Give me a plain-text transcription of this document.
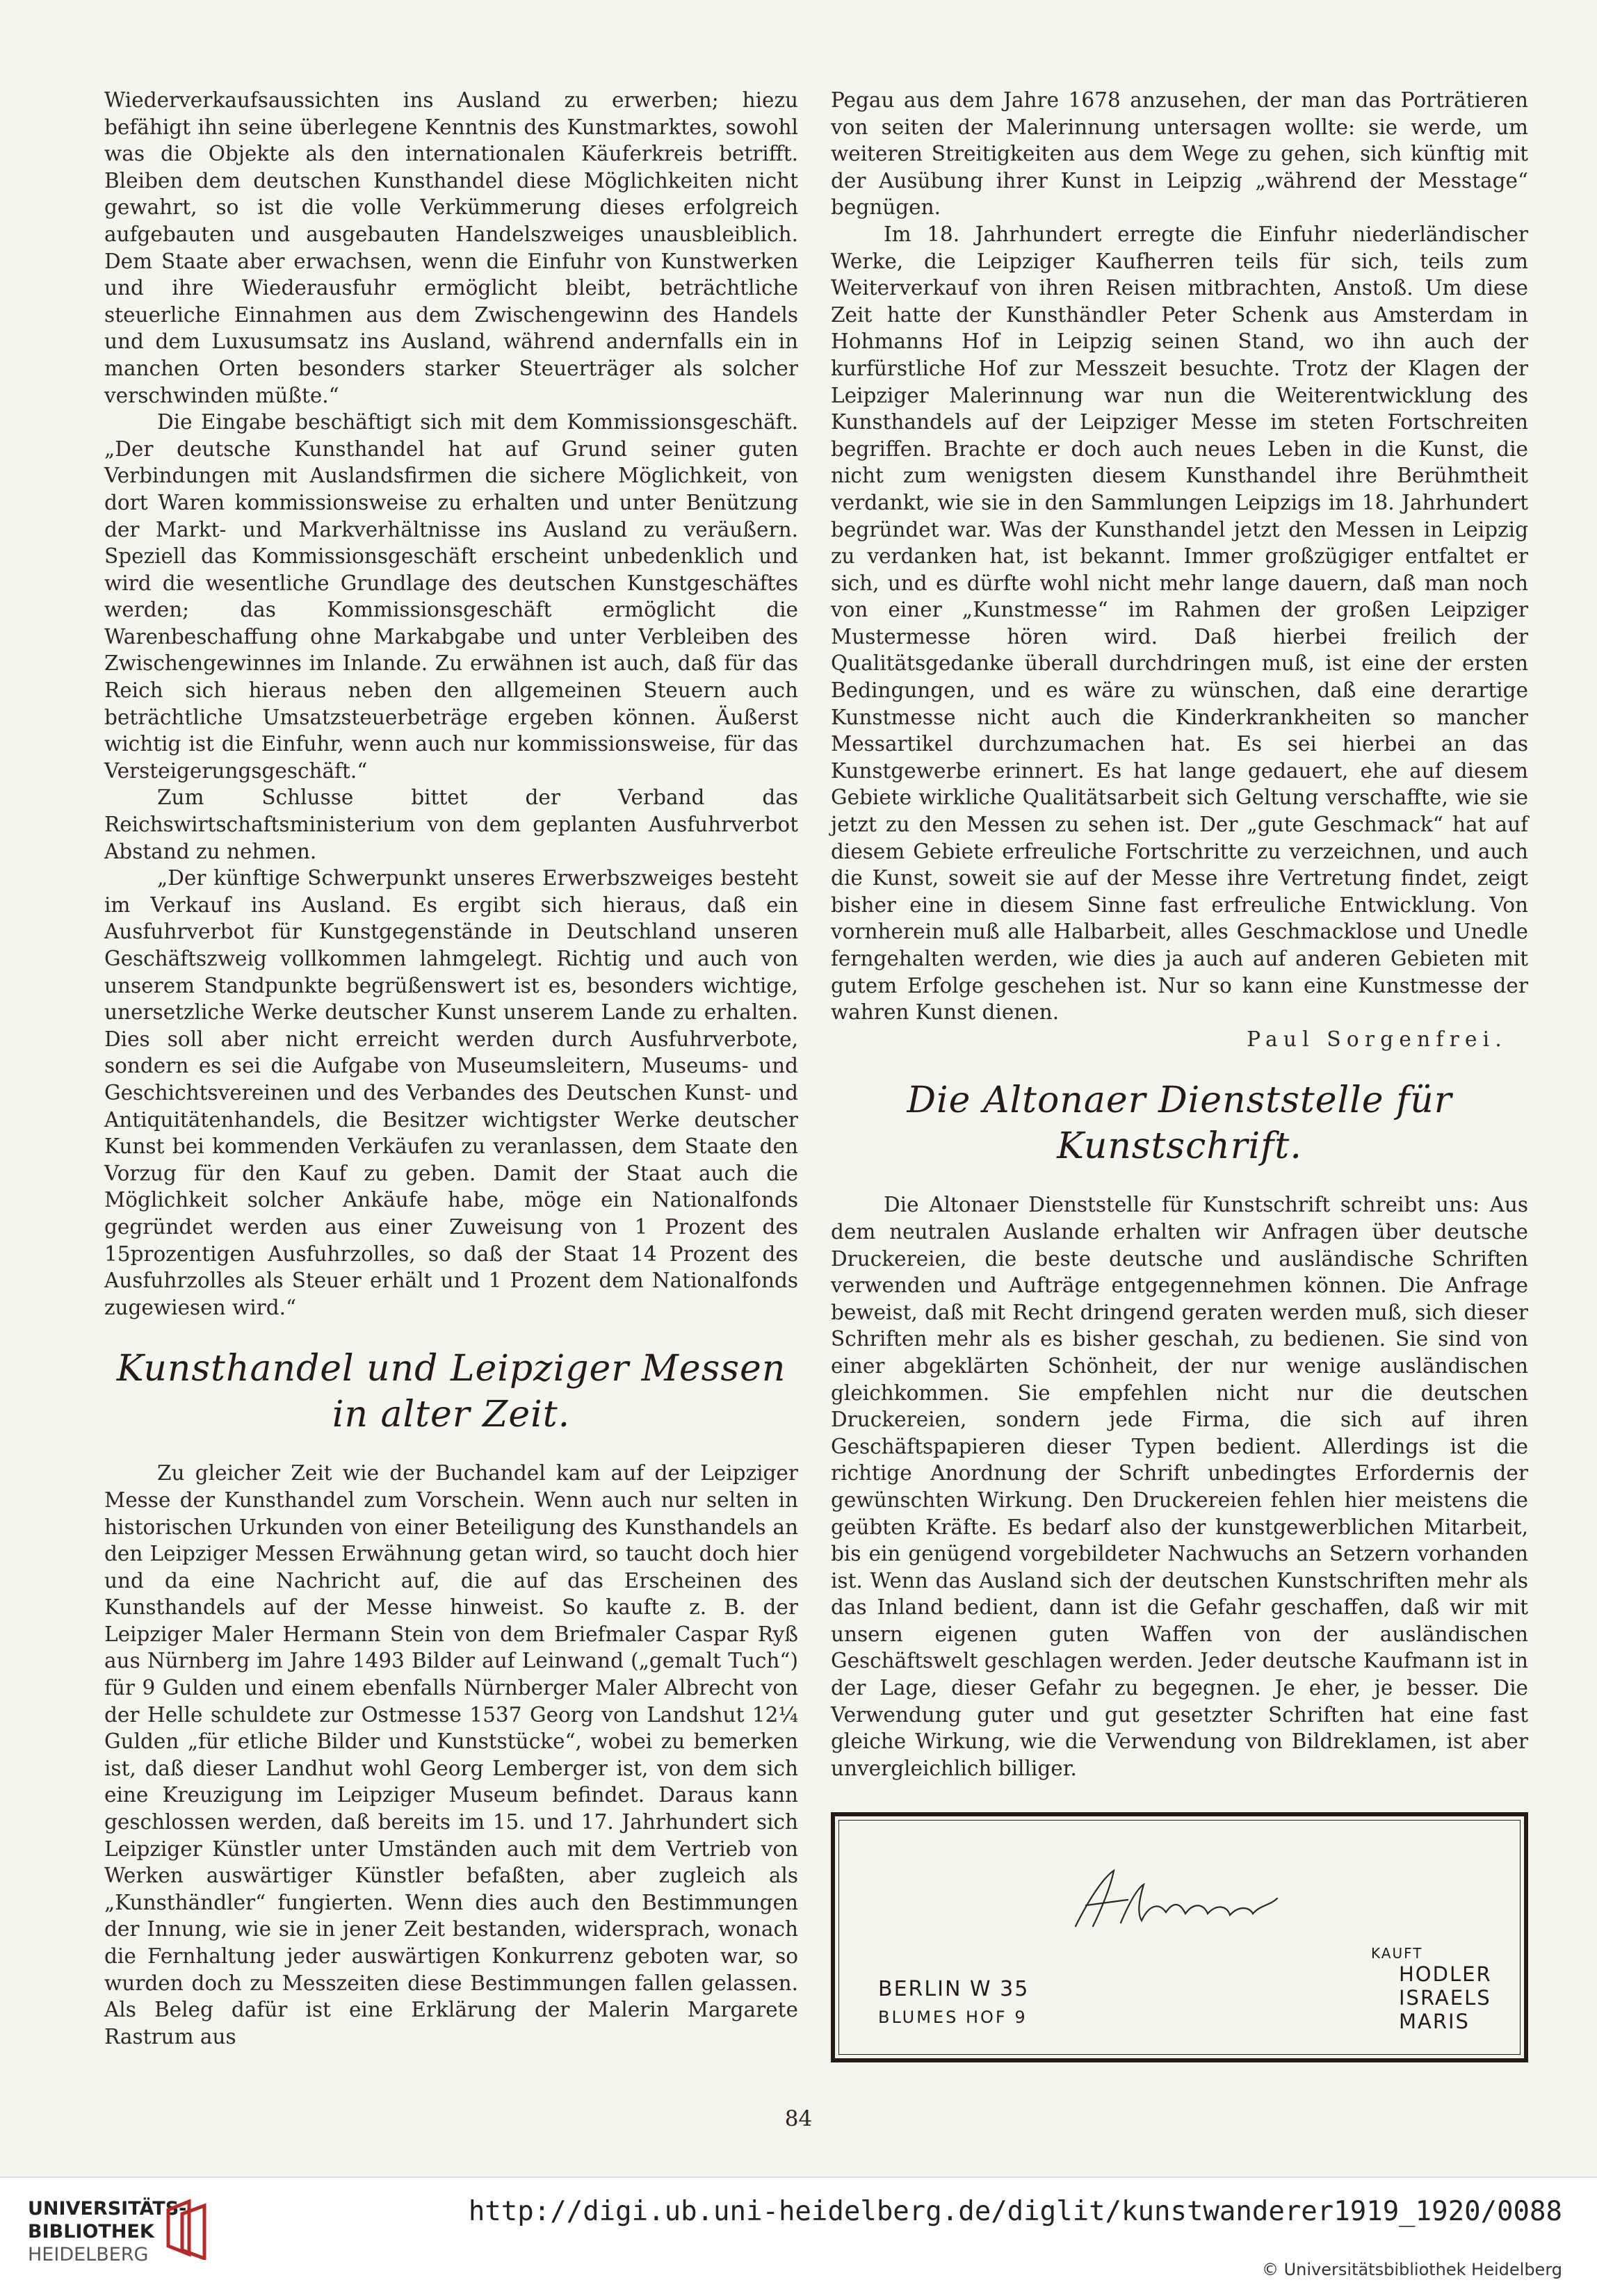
Wiederverkaufsaussichten ins Ausland zu erwerben; hiezu befähigt ihn seine überlegene Kenntnis des Kunstmarktes, sowohl was die Objekte als den internationalen Käuferkreis betrifft. Bleiben dem deutschen Kunsthandel diese Möglichkeiten nicht gewahrt, so ist die volle Verkümmerung dieses erfolgreich aufgebauten und ausgebauten Handelszweiges unausbleiblich. Dem Staate aber erwachsen, wenn die Einfuhr von Kunstwerken und ihre Wiederausfuhr ermöglicht bleibt, beträchtliche steuerliche Einnahmen aus dem Zwischengewinn des Handels und dem Luxusumsatz ins Ausland, während andernfalls ein in manchen Orten besonders starker Steuerträger als solcher verschwinden müßte.“

Die Eingabe beschäftigt sich mit dem Kommissionsgeschäft. „Der deutsche Kunsthandel hat auf Grund seiner guten Verbindungen mit Auslandsfirmen die sichere Möglichkeit, von dort Waren kommissionsweise zu erhalten und unter Benützung der Markt- und Markverhältnisse ins Ausland zu veräußern. Speziell das Kommissionsgeschäft erscheint unbedenklich und wird die wesentliche Grundlage des deutschen Kunstgeschäftes werden; das Kommissionsgeschäft ermöglicht die Warenbeschaffung ohne Markabgabe und unter Verbleiben des Zwischengewinnes im Inlande. Zu erwähnen ist auch, daß für das Reich sich hieraus neben den allgemeinen Steuern auch beträchtliche Umsatzsteuerbeträge ergeben können. Äußerst wichtig ist die Einfuhr, wenn auch nur kommissionsweise, für das Versteigerungsgeschäft.“

Zum Schlusse bittet der Verband das Reichswirtschaftsministerium von dem geplanten Ausfuhrverbot Abstand zu nehmen.

„Der künftige Schwerpunkt unseres Erwerbszweiges besteht im Verkauf ins Ausland. Es ergibt sich hieraus, daß ein Ausfuhrverbot für Kunstgegenstände in Deutschland unseren Geschäftszweig vollkommen lahmgelegt. Richtig und auch von unserem Standpunkte begrüßenswert ist es, besonders wichtige, unersetzliche Werke deutscher Kunst unserem Lande zu erhalten. Dies soll aber nicht erreicht werden durch Ausfuhrverbote, sondern es sei die Aufgabe von Museumsleitern, Museums- und Geschichtsvereinen und des Verbandes des Deutschen Kunst- und Antiquitätenhandels, die Besitzer wichtigster Werke deutscher Kunst bei kommenden Verkäufen zu veranlassen, dem Staate den Vorzug für den Kauf zu geben. Damit der Staat auch die Möglichkeit solcher Ankäufe habe, möge ein Nationalfonds gegründet werden aus einer Zuweisung von 1 Prozent des 15prozentigen Ausfuhrzolles, so daß der Staat 14 Prozent des Ausfuhrzolles als Steuer erhält und 1 Prozent dem Nationalfonds zugewiesen wird.“

Kunsthandel und Leipziger Messen in alter Zeit.

Zu gleicher Zeit wie der Buchandel kam auf der Leipziger Messe der Kunsthandel zum Vorschein. Wenn auch nur selten in historischen Urkunden von einer Beteiligung des Kunsthandels an den Leipziger Messen Erwähnung getan wird, so taucht doch hier und da eine Nachricht auf, die auf das Erscheinen des Kunsthandels auf der Messe hinweist. So kaufte z. B. der Leipziger Maler Hermann Stein von dem Briefmaler Caspar Ryß aus Nürnberg im Jahre 1493 Bilder auf Leinwand („gemalt Tuch“) für 9 Gulden und einem ebenfalls Nürnberger Maler Albrecht von der Helle schuldete zur Ostmesse 1537 Georg von Landshut 12¼ Gulden „für etliche Bilder und Kunststücke“, wobei zu bemerken ist, daß dieser Landhut wohl Georg Lemberger ist, von dem sich eine Kreuzigung im Leipziger Museum befindet. Daraus kann geschlossen werden, daß bereits im 15. und 17. Jahrhundert sich Leipziger Künstler unter Umständen auch mit dem Vertrieb von Werken auswärtiger Künstler befaßten, aber zugleich als „Kunsthändler“ fungierten. Wenn dies auch den Bestimmungen der Innung, wie sie in jener Zeit bestanden, widersprach, wonach die Fernhaltung jeder auswärtigen Konkurrenz geboten war, so wurden doch zu Messzeiten diese Bestimmungen fallen gelassen. Als Beleg dafür ist eine Erklärung der Malerin Margarete Rastrum aus

Pegau aus dem Jahre 1678 anzusehen, der man das Porträtieren von seiten der Malerinnung untersagen wollte: sie werde, um weiteren Streitigkeiten aus dem Wege zu gehen, sich künftig mit der Ausübung ihrer Kunst in Leipzig „während der Messtage“ begnügen.

Im 18. Jahrhundert erregte die Einfuhr niederländischer Werke, die Leipziger Kaufherren teils für sich, teils zum Weiterverkauf von ihren Reisen mitbrachten, Anstoß. Um diese Zeit hatte der Kunsthändler Peter Schenk aus Amsterdam in Hohmanns Hof in Leipzig seinen Stand, wo ihn auch der kurfürstliche Hof zur Messzeit besuchte. Trotz der Klagen der Leipziger Malerinnung war nun die Weiterentwicklung des Kunsthandels auf der Leipziger Messe im steten Fortschreiten begriffen. Brachte er doch auch neues Leben in die Kunst, die nicht zum wenigsten diesem Kunsthandel ihre Berühmtheit verdankt, wie sie in den Sammlungen Leipzigs im 18. Jahrhundert begründet war. Was der Kunsthandel jetzt den Messen in Leipzig zu verdanken hat, ist bekannt. Immer großzügiger entfaltet er sich, und es dürfte wohl nicht mehr lange dauern, daß man noch von einer „Kunstmesse“ im Rahmen der großen Leipziger Mustermesse hören wird. Daß hierbei freilich der Qualitätsgedanke überall durchdringen muß, ist eine der ersten Bedingungen, und es wäre zu wünschen, daß eine derartige Kunstmesse nicht auch die Kinderkrankheiten so mancher Messartikel durchzumachen hat. Es sei hierbei an das Kunstgewerbe erinnert. Es hat lange gedauert, ehe auf diesem Gebiete wirkliche Qualitätsarbeit sich Geltung verschaffte, wie sie jetzt zu den Messen zu sehen ist. Der „gute Geschmack“ hat auf diesem Gebiete erfreuliche Fortschritte zu verzeichnen, und auch die Kunst, soweit sie auf der Messe ihre Vertretung findet, zeigt bisher eine in diesem Sinne fast erfreuliche Entwicklung. Von vornherein muß alle Halbarbeit, alles Geschmacklose und Unedle ferngehalten werden, wie dies ja auch auf anderen Gebieten mit gutem Erfolge geschehen ist. Nur so kann eine Kunstmesse der wahren Kunst dienen.

Paul Sorgenfrei.

Die Altonaer Dienststelle für Kunstschrift.

Die Altonaer Dienststelle für Kunstschrift schreibt uns: Aus dem neutralen Auslande erhalten wir Anfragen über deutsche Druckereien, die beste deutsche und ausländische Schriften verwenden und Aufträge entgegennehmen können. Die Anfrage beweist, daß mit Recht dringend geraten werden muß, sich dieser Schriften mehr als es bisher geschah, zu bedienen. Sie sind von einer abgeklärten Schönheit, der nur wenige ausländischen gleichkommen. Sie empfehlen nicht nur die deutschen Druckereien, sondern jede Firma, die sich auf ihren Geschäftspapieren dieser Typen bedient. Allerdings ist die richtige Anordnung der Schrift unbedingtes Erfordernis der gewünschten Wirkung. Den Druckereien fehlen hier meistens die geübten Kräfte. Es bedarf also der kunstgewerblichen Mitarbeit, bis ein genügend vorgebildeter Nachwuchs an Setzern vorhanden ist. Wenn das Ausland sich der deutschen Kunstschriften mehr als das Inland bedient, dann ist die Gefahr geschaffen, daß wir mit unsern eigenen guten Waffen von der ausländischen Geschäftswelt geschlagen werden. Jeder deutsche Kaufmann ist in der Lage, dieser Gefahr zu begegnen. Je eher, je besser. Die Verwendung guter und gut gesetzter Schriften hat eine fast gleiche Wirkung, wie die Verwendung von Bildreklamen, ist aber unvergleichlich billiger.

BERLIN W 35
BLUMES HOF 9
KAUFT
HODLER
ISRAELS
MARIS
84
UNIVERSITÄTS-
BIBLIOTHEK
HEIDELBERG
http://digi.ub.uni-heidelberg.de/diglit/kunstwanderer1919_1920/0088
© Universitätsbibliothek Heidelberg
